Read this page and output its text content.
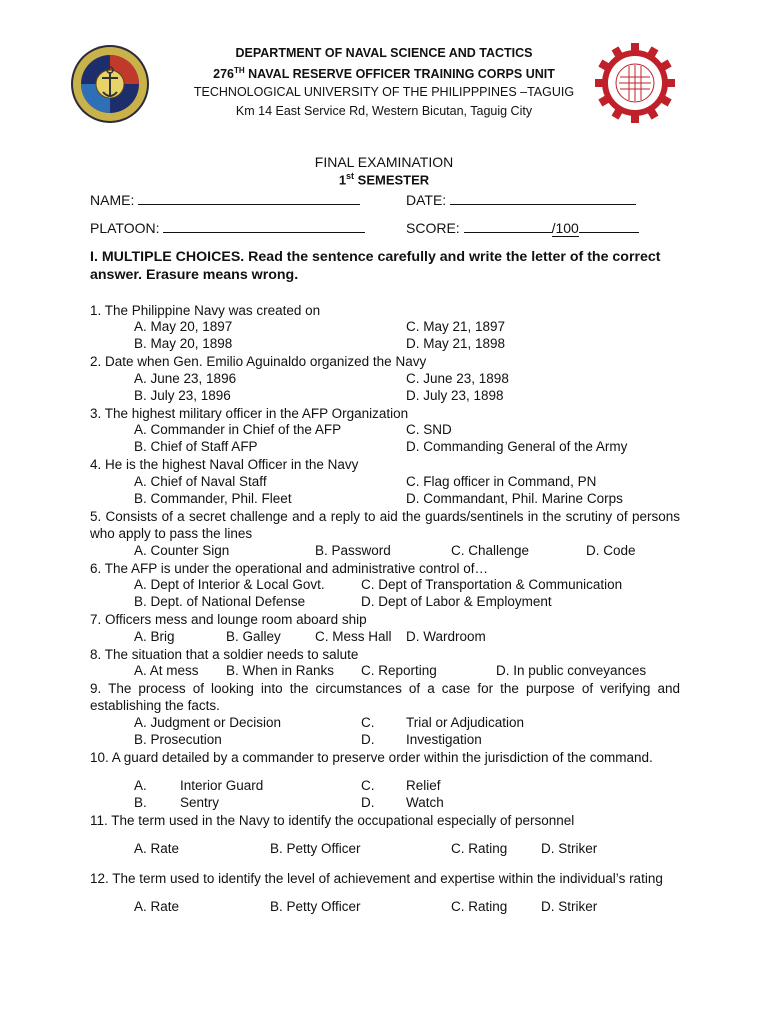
DEPARTMENT OF NAVAL SCIENCE AND TACTICS
276TH NAVAL RESERVE OFFICER TRAINING CORPS UNIT
TECHNOLOGICAL UNIVERSITY OF THE PHILIPPPINES –TAGUIG
Km 14 East Service Rd, Western Bicutan, Taguig City
FINAL EXAMINATION
1st SEMESTER
NAME:	DATE:
PLATOON:	SCORE:	/100
I. MULTIPLE CHOICES. Read the sentence carefully and write the letter of the correct answer. Erasure means wrong.
1. The Philippine Navy was created on
A. May 20, 1897	C. May 21, 1897
B. May 20, 1898	D. May 21, 1898
2. Date when Gen. Emilio Aguinaldo organized the Navy
A. June 23, 1896	C. June 23, 1898
B. July 23, 1896	D. July 23, 1898
3. The highest military officer in the AFP Organization
A. Commander in Chief of the AFP	C. SND
B. Chief of Staff AFP	D. Commanding General of the Army
4. He is the highest Naval Officer in the Navy
A. Chief of Naval Staff	C. Flag officer in Command, PN
B. Commander, Phil. Fleet	D. Commandant, Phil. Marine Corps
5. Consists of a secret challenge and a reply to aid the guards/sentinels in the scrutiny of persons who apply to pass the lines
A. Counter Sign	B. Password	C. Challenge	D. Code
6. The AFP is under the operational and administrative control of…
A. Dept of Interior & Local Govt.	C. Dept of Transportation & Communication
B. Dept. of National Defense	D. Dept of Labor & Employment
7. Officers mess and lounge room aboard ship
A. Brig	B. Galley	C. Mess Hall D. Wardroom
8. The situation that a soldier needs to salute
A. At mess B. When in Ranks C. Reporting	D. In public conveyances
9. The process of looking into the circumstances of a case for the purpose of verifying and establishing the facts.
A. Judgment or Decision	C. Trial or Adjudication
B. Prosecution	D. Investigation
10. A guard detailed by a commander to preserve order within the jurisdiction of the command.
A. Interior Guard	C. Relief
B. Sentry	D. Watch
11. The term used in the Navy to identify the occupational especially of personnel
A. Rate	B. Petty Officer	C. Rating D. Striker
12. The term used to identify the level of achievement and expertise within the individual’s rating
A. Rate	B. Petty Officer	C. Rating D. Striker
